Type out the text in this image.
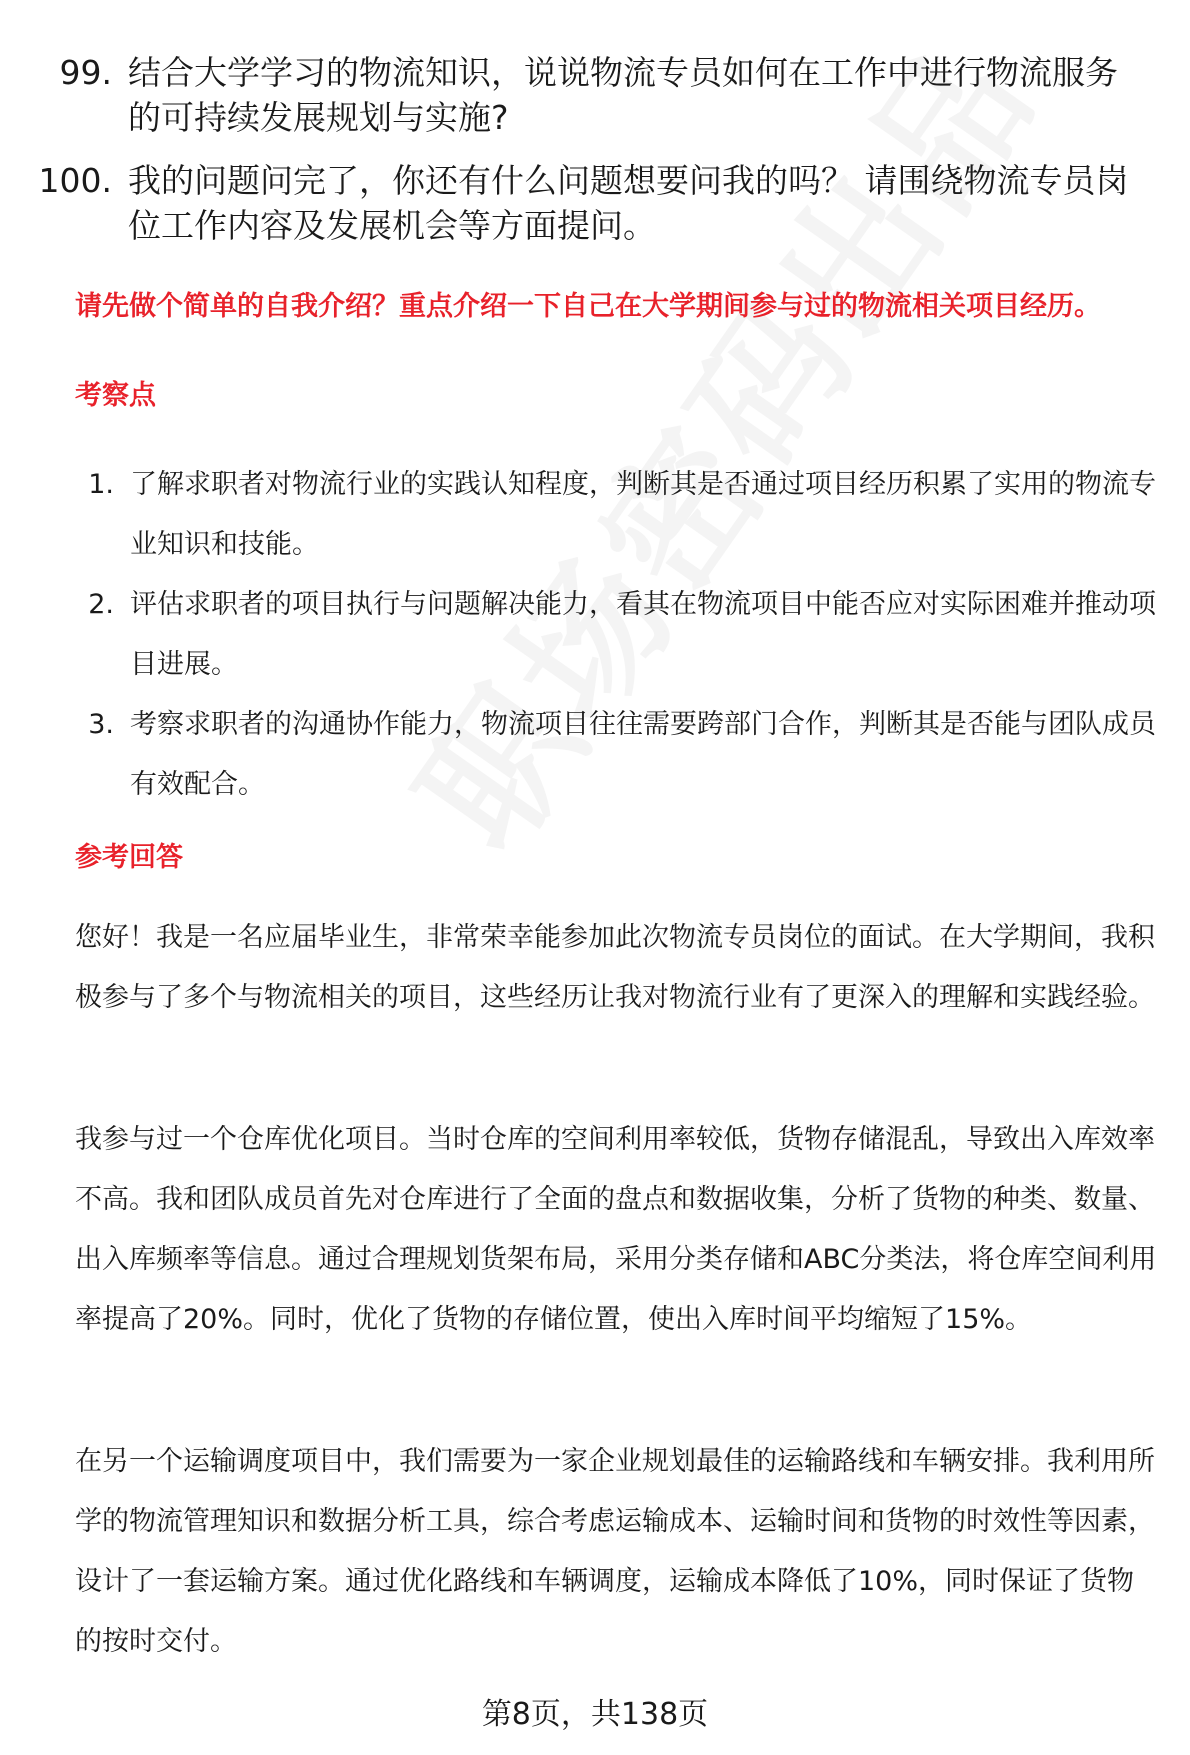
99. 结合大学学习的物流知识，说说物流专员如何在工作中进行物流服务的可持续发展规划与实施?
100. 我的问题问完了，你还有什么问题想要问我的吗？ 请围绕物流专员岗位工作内容及发展机会等方面提问。
请先做个简单的自我介绍？重点介绍一下自己在大学期间参与过的物流相关项目经历。
考察点
1. 了解求职者对物流行业的实践认知程度，判断其是否通过项目经历积累了实用的物流专业知识和技能。
2. 评估求职者的项目执行与问题解决能力，看其在物流项目中能否应对实际困难并推动项目进展。
3. 考察求职者的沟通协作能力，物流项目往往需要跨部门合作，判断其是否能与团队成员有效配合。
参考回答
您好！我是一名应届毕业生，非常荣幸能参加此次物流专员岗位的面试。在大学期间，我积极参与了多个与物流相关的项目，这些经历让我对物流行业有了更深入的理解和实践经验。
我参与过一个仓库优化项目。当时仓库的空间利用率较低，货物存储混乱，导致出入库效率不高。我和团队成员首先对仓库进行了全面的盘点和数据收集，分析了货物的种类、数量、出入库频率等信息。通过合理规划货架布局，采用分类存储和ABC分类法，将仓库空间利用率提高了20%。同时，优化了货物的存储位置，使出入库时间平均缩短了15%。
在另一个运输调度项目中，我们需要为一家企业规划最佳的运输路线和车辆安排。我利用所学的物流管理知识和数据分析工具，综合考虑运输成本、运输时间和货物的时效性等因素，设计了一套运输方案。通过优化路线和车辆调度，运输成本降低了10%，同时保证了货物的按时交付。
第8页，共138页
